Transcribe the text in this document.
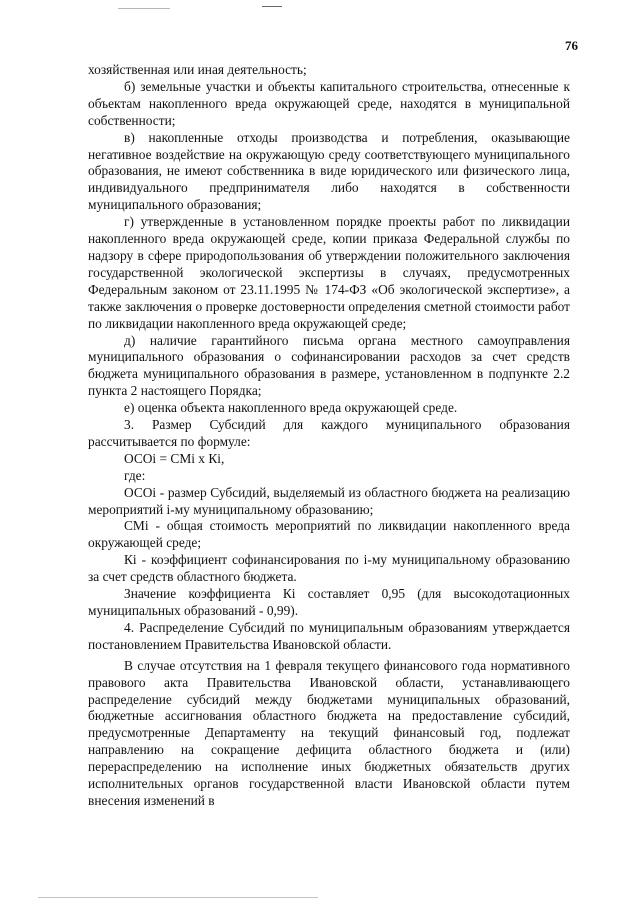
76

хозяйственная или иная деятельность;

б) земельные участки и объекты капитального строительства, отнесенные к объектам накопленного вреда окружающей среде, находятся в муниципальной собственности;

в) накопленные отходы производства и потребления, оказывающие негативное воздействие на окружающую среду соответствующего муниципального образования, не имеют собственника в виде юридического или физического лица, индивидуального предпринимателя либо находятся в собственности муниципального образования;

г) утвержденные в установленном порядке проекты работ по ликвидации накопленного вреда окружающей среде, копии приказа Федеральной службы по надзору в сфере природопользования об утверждении положительного заключения государственной экологической экспертизы в случаях, предусмотренных Федеральным законом от 23.11.1995 № 174-ФЗ «Об экологической экспертизе», а также заключения о проверке достоверности определения сметной стоимости работ по ликвидации накопленного вреда окружающей среде;

д) наличие гарантийного письма органа местного самоуправления муниципального образования о софинансировании расходов за счет средств бюджета муниципального образования в размере, установленном в подпункте 2.2 пункта 2 настоящего Порядка;

е) оценка объекта накопленного вреда окружающей среде.

3. Размер Субсидий для каждого муниципального образования рассчитывается по формуле:

ОСОi = СМi x Кi,

где:

ОСОi - размер Субсидий, выделяемый из областного бюджета на реализацию мероприятий i-му муниципальному образованию;

СМi - общая стоимость мероприятий по ликвидации накопленного вреда окружающей среде;

Кi - коэффициент софинансирования по i-му муниципальному образованию за счет средств областного бюджета.

Значение коэффициента Кi составляет 0,95 (для высокодотационных муниципальных образований - 0,99).

4. Распределение Субсидий по муниципальным образованиям утверждается постановлением Правительства Ивановской области.

В случае отсутствия на 1 февраля текущего финансового года нормативного правового акта Правительства Ивановской области, устанавливающего распределение субсидий между бюджетами муниципальных образований, бюджетные ассигнования областного бюджета на предоставление субсидий, предусмотренные Департаменту на текущий финансовый год, подлежат направлению на сокращение дефицита областного бюджета и (или) перераспределению на исполнение иных бюджетных обязательств других исполнительных органов государственной власти Ивановской области путем внесения изменений в
